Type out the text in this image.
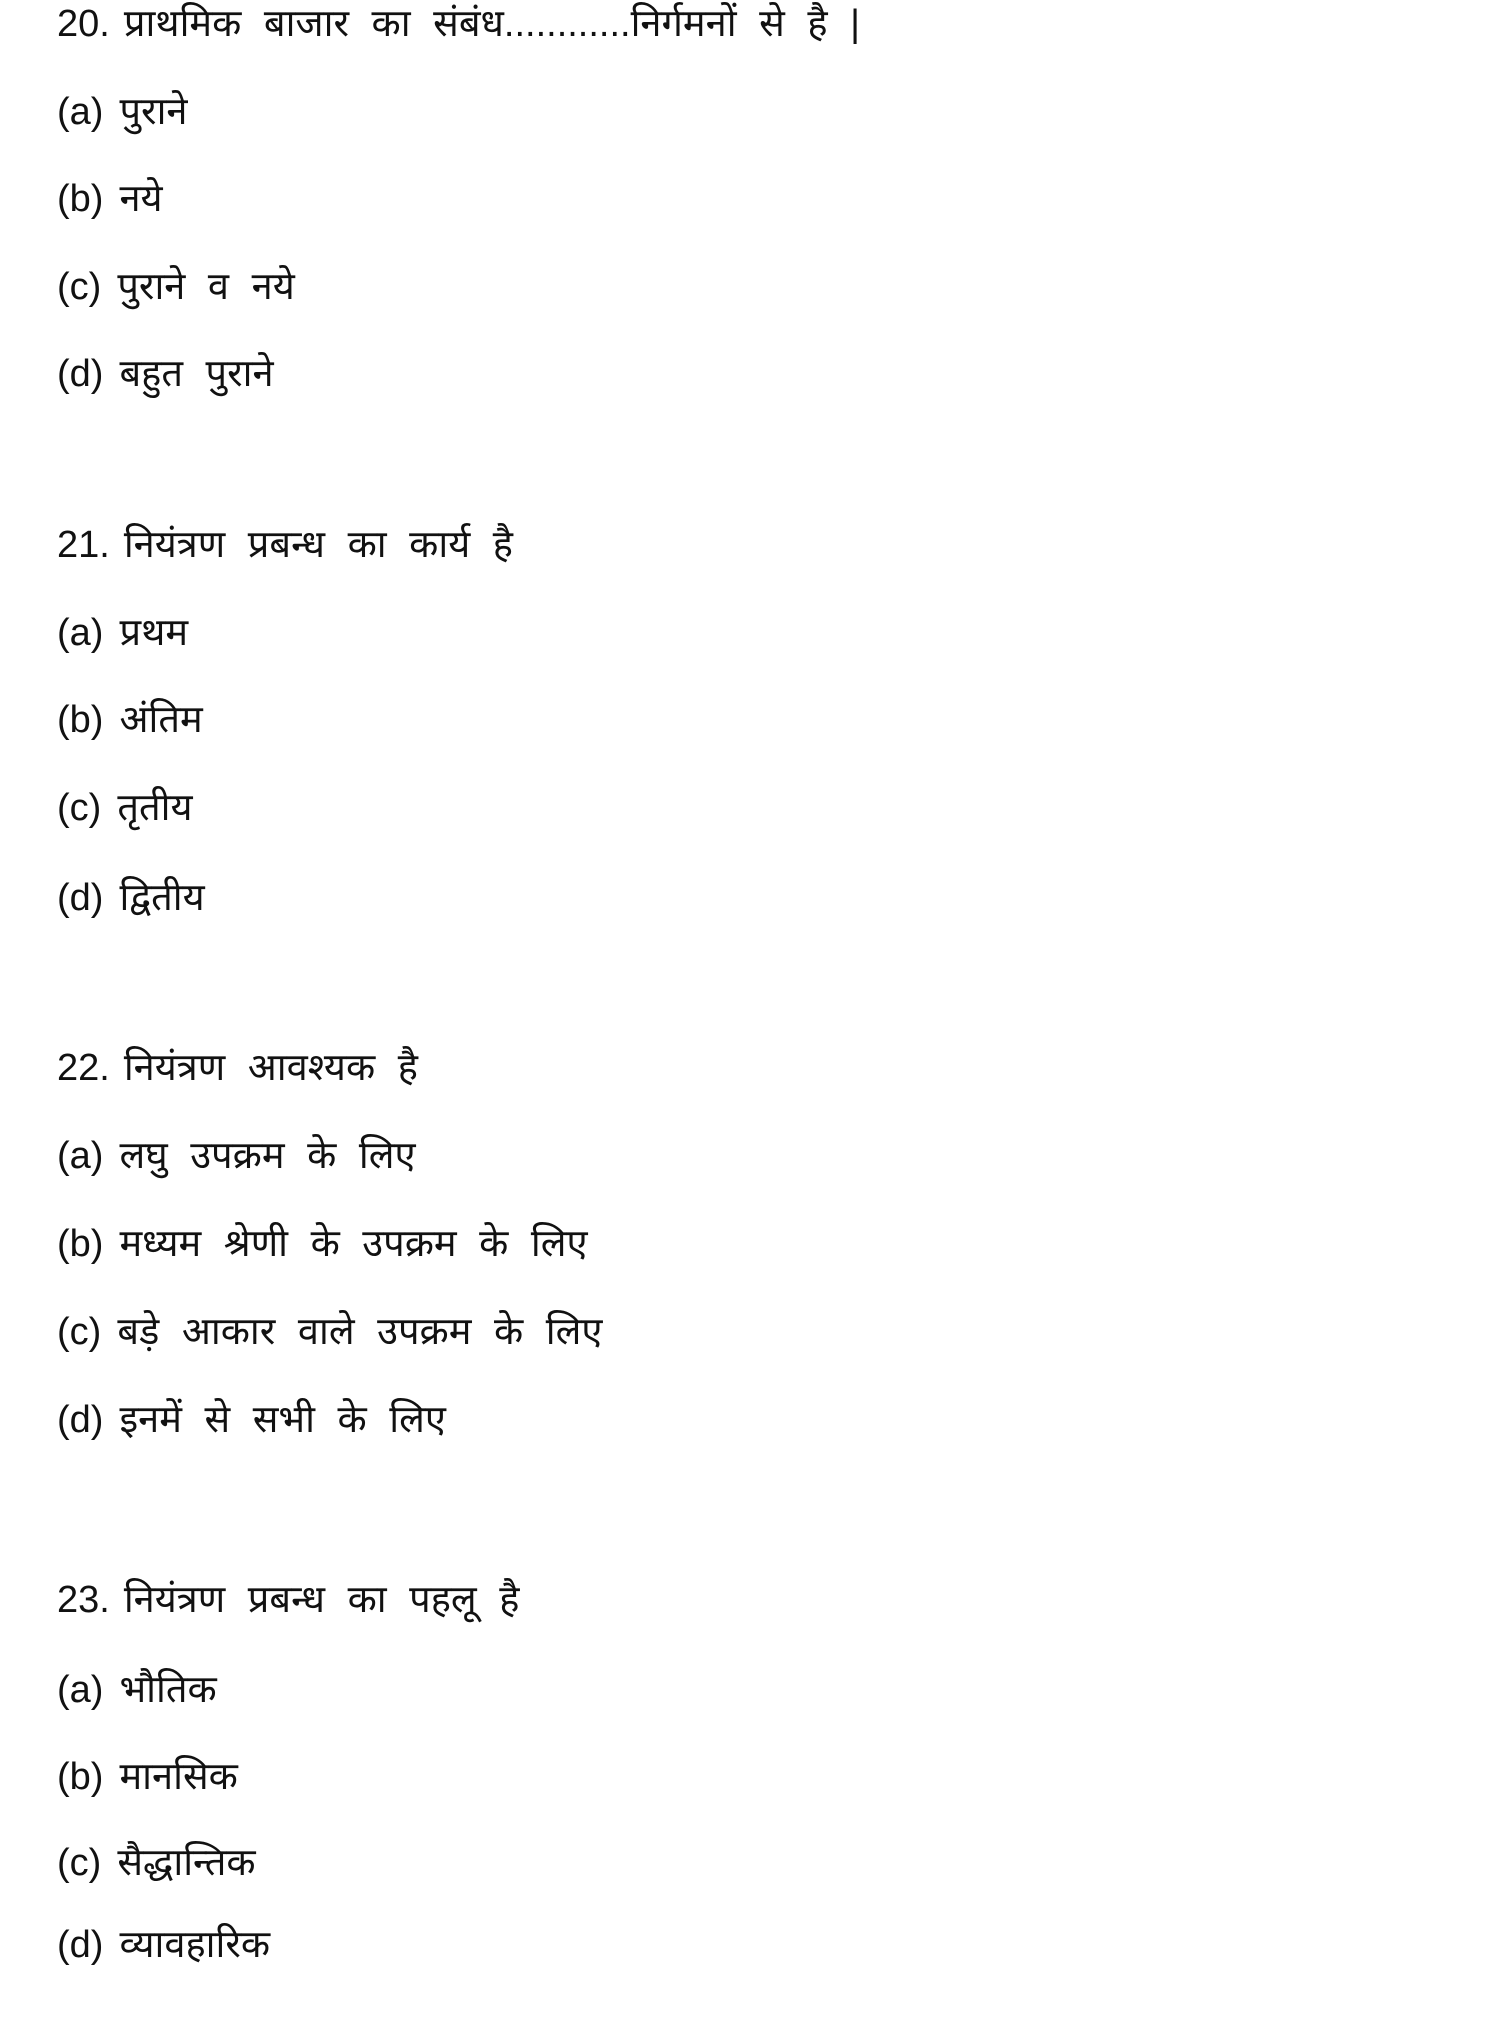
20. प्राथमिक बाजार का संबंध............निर्गमनों से है |
(a) पुराने
(b) नये
(c) पुराने व नये
(d) बहुत पुराने
21. नियंत्रण प्रबन्ध का कार्य है
(a) प्रथम
(b) अंतिम
(c) तृतीय
(d) द्वितीय
22. नियंत्रण आवश्यक है
(a) लघु उपक्रम के लिए
(b) मध्यम श्रेणी के उपक्रम के लिए
(c) बड़े आकार वाले उपक्रम के लिए
(d) इनमें से सभी के लिए
23. नियंत्रण प्रबन्ध का पहलू है
(a) भौतिक
(b) मानसिक
(c) सैद्धान्तिक
(d) व्यावहारिक
